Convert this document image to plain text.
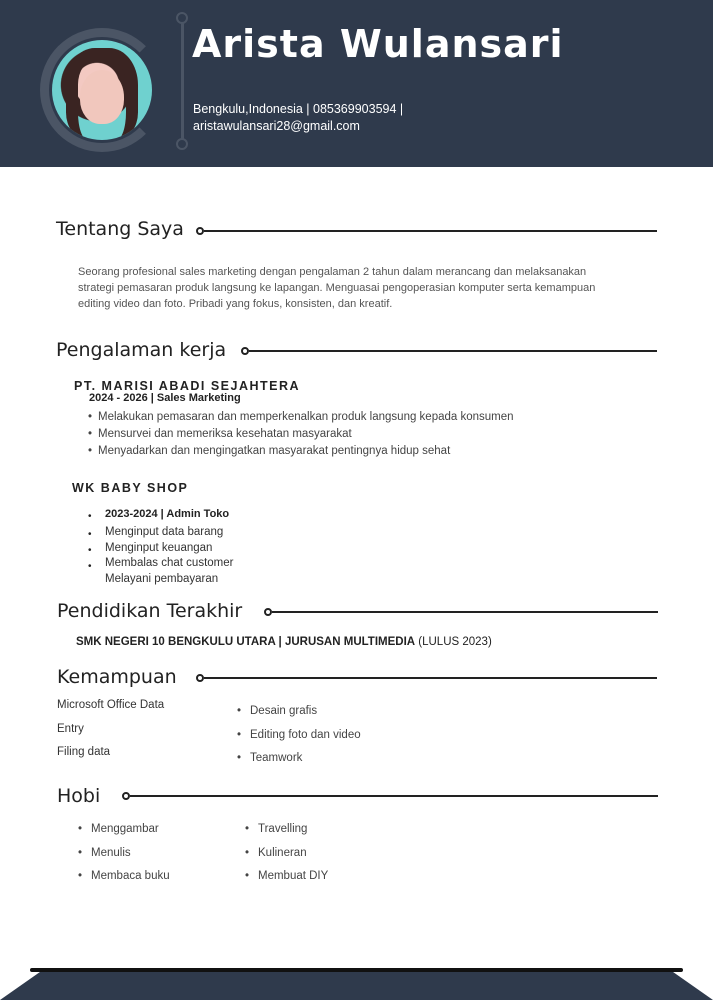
Arista Wulansari
Bengkulu,Indonesia | 085369903594 |
aristawulansari28@gmail.com
Tentang Saya
Seorang profesional sales marketing dengan pengalaman 2 tahun dalam merancang dan melaksanakan strategi pemasaran produk langsung ke lapangan. Menguasai pengoperasian komputer serta kemampuan editing video dan foto. Pribadi yang fokus, konsisten, dan kreatif.
Pengalaman kerja
PT. MARISI ABADI SEJAHTERA
2024 - 2026 | Sales Marketing
• Melakukan pemasaran dan memperkenalkan produk langsung kepada konsumen
• Mensurvei dan memeriksa kesehatan masyarakat
• Menyadarkan dan mengingatkan masyarakat pentingnya hidup sehat
WK BABY SHOP
•
•
•
•
2023-2024 | Admin Toko
Menginput data barang
Menginput keuangan
Membalas chat customer
Melayani pembayaran
Pendidikan Terakhir
SMK NEGERI 10 BENGKULU UTARA | JURUSAN MULTIMEDIA (LULUS 2023)
Kemampuan
Microsoft Office Data
Entry
Filing data
• Desain grafis
• Editing foto dan video
• Teamwork
Hobi
• Menggambar
• Menulis
• Membaca buku
• Travelling
• Kulineran
• Membuat DIY
